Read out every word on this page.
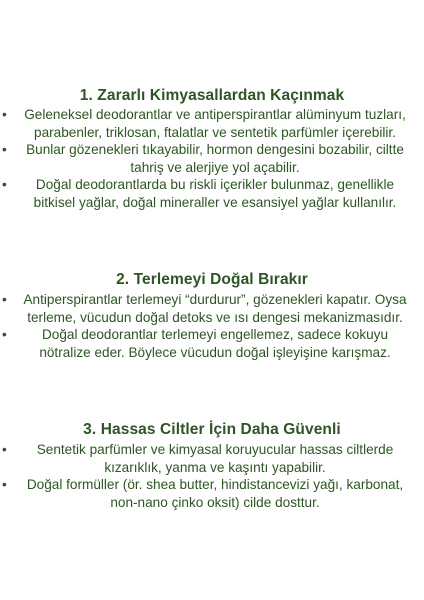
1. Zararlı Kimyasallardan Kaçınmak
• Geleneksel deodorantlar ve antiperspirantlar alüminyum tuzları, parabenler, triklosan, ftalatlar ve sentetik parfümler içerebilir.
• Bunlar gözenekleri tıkayabilir, hormon dengesini bozabilir, ciltte tahriş ve alerjiye yol açabilir.
• Doğal deodorantlarda bu riskli içerikler bulunmaz, genellikle bitkisel yağlar, doğal mineraller ve esansiyel yağlar kullanılır.
2. Terlemeyi Doğal Bırakır
• Antiperspirantlar terlemeyi “durdurur”, gözenekleri kapatır. Oysa terleme, vücudun doğal detoks ve ısı dengesi mekanizmasıdır.
•	Doğal deodorantlar terlemeyi engellemez, sadece kokuyu nötralize eder. Böylece vücudun doğal işleyişine karışmaz.
3. Hassas Ciltler İçin Daha Güvenli
• Sentetik parfümler ve kimyasal koruyucular hassas ciltlerde kızarıklık, yanma ve kaşıntı yapabilir.
• Doğal formüller (ör. shea butter, hindistancevizi yağı, karbonat, non-nano çinko oksit) cilde dosttur.
